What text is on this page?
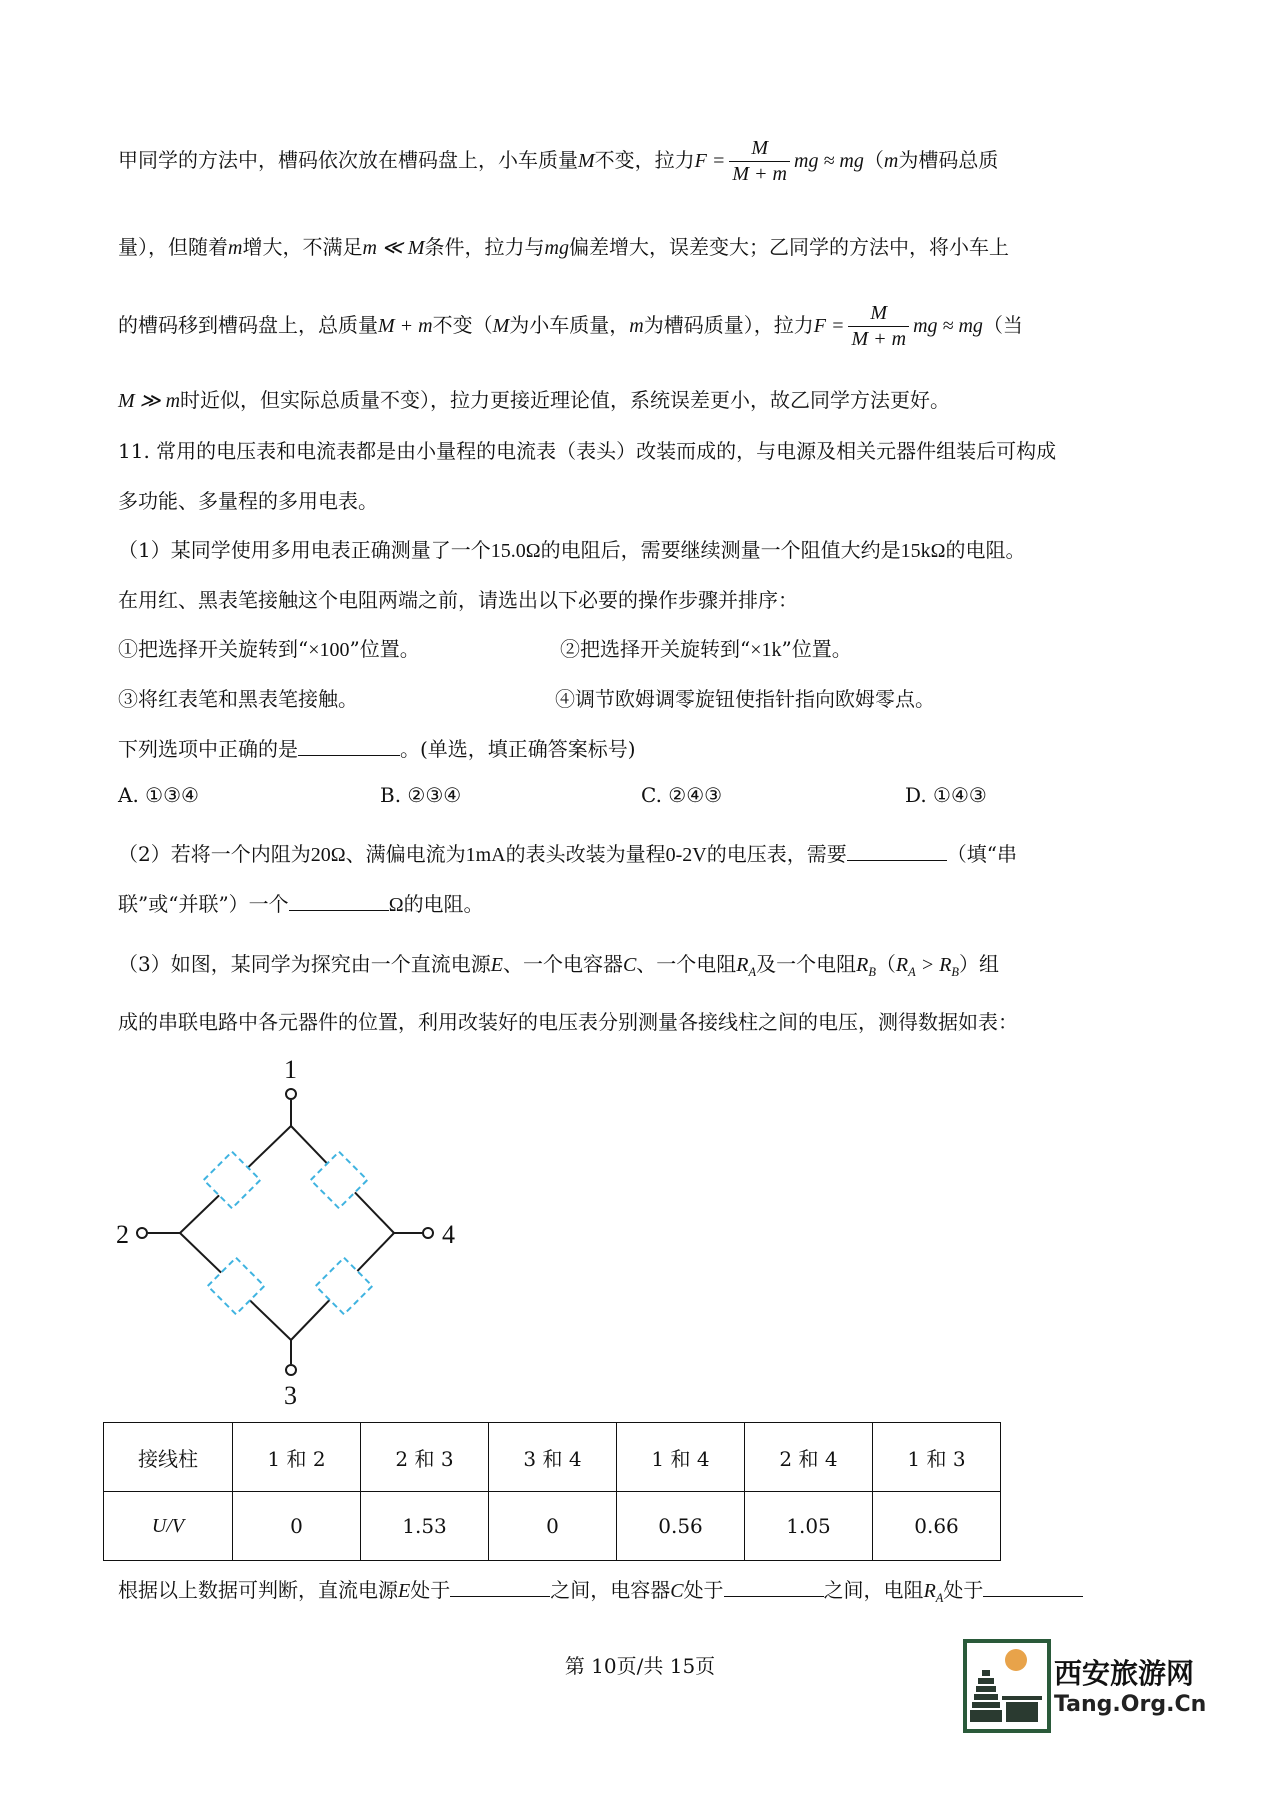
甲同学的方法中，槽码依次放在槽码盘上，小车质量M不变，拉力$F = \frac{M}{M + m}$ mg ≈ mg（m为槽码总质
量），但随着m增大，不满足m ≪ M条件，拉力与mg偏差增大，误差变大；乙同学的方法中，将小车上
的槽码移到槽码盘上，总质量M + m不变（M为小车质量，m为槽码质量），拉力$F = \frac{M}{M + m}$ mg ≈ mg（当
M ≫ m时近似，但实际总质量不变），拉力更接近理论值，系统误差更小，故乙同学方法更好。
11. 常用的电压表和电流表都是由小量程的电流表（表头）改装而成的，与电源及相关元器件组装后可构成
多功能、多量程的多用电表。
（1）某同学使用多用电表正确测量了一个15.0Ω的电阻后，需要继续测量一个阻值大约是15kΩ的电阻。
在用红、黑表笔接触这个电阻两端之前，请选出以下必要的操作步骤并排序：
①把选择开关旋转到“×100”位置。	②把选择开关旋转到“×1k”位置。
③将红表笔和黑表笔接触。	④调节欧姆调零旋钮使指针指向欧姆零点。
下列选项中正确的是	。(单选，填正确答案标号)
A. ①③④	B. ②③④	C. ②④③	D. ①④③
（2）若将一个内阻为20Ω、满偏电流为1mA的表头改装为量程0-2V的电压表，需要	（填“串
联”或“并联”）一个	Ω的电阻。
（3）如图，某同学为探究由一个直流电源E、一个电容器C、一个电阻$R_A$及一个电阻$R_B(R_A > R_B)$组
成的串联电路中各元器件的位置，利用改装好的电压表分别测量各接线柱之间的电压，测得数据如表：
1
2
3
4
接线柱	1 和 2	2 和 3	3 和 4	1 和 4	2 和 4	1 和 3
U/V	0	1.53	0	0.56	1.05	0.66
根据以上数据可判断，直流电源E处于	之间，电容器C处于	之间，电阻$R_A$处于
第 10页/共 15页	西安旅游网
Tang.Org.Cn
